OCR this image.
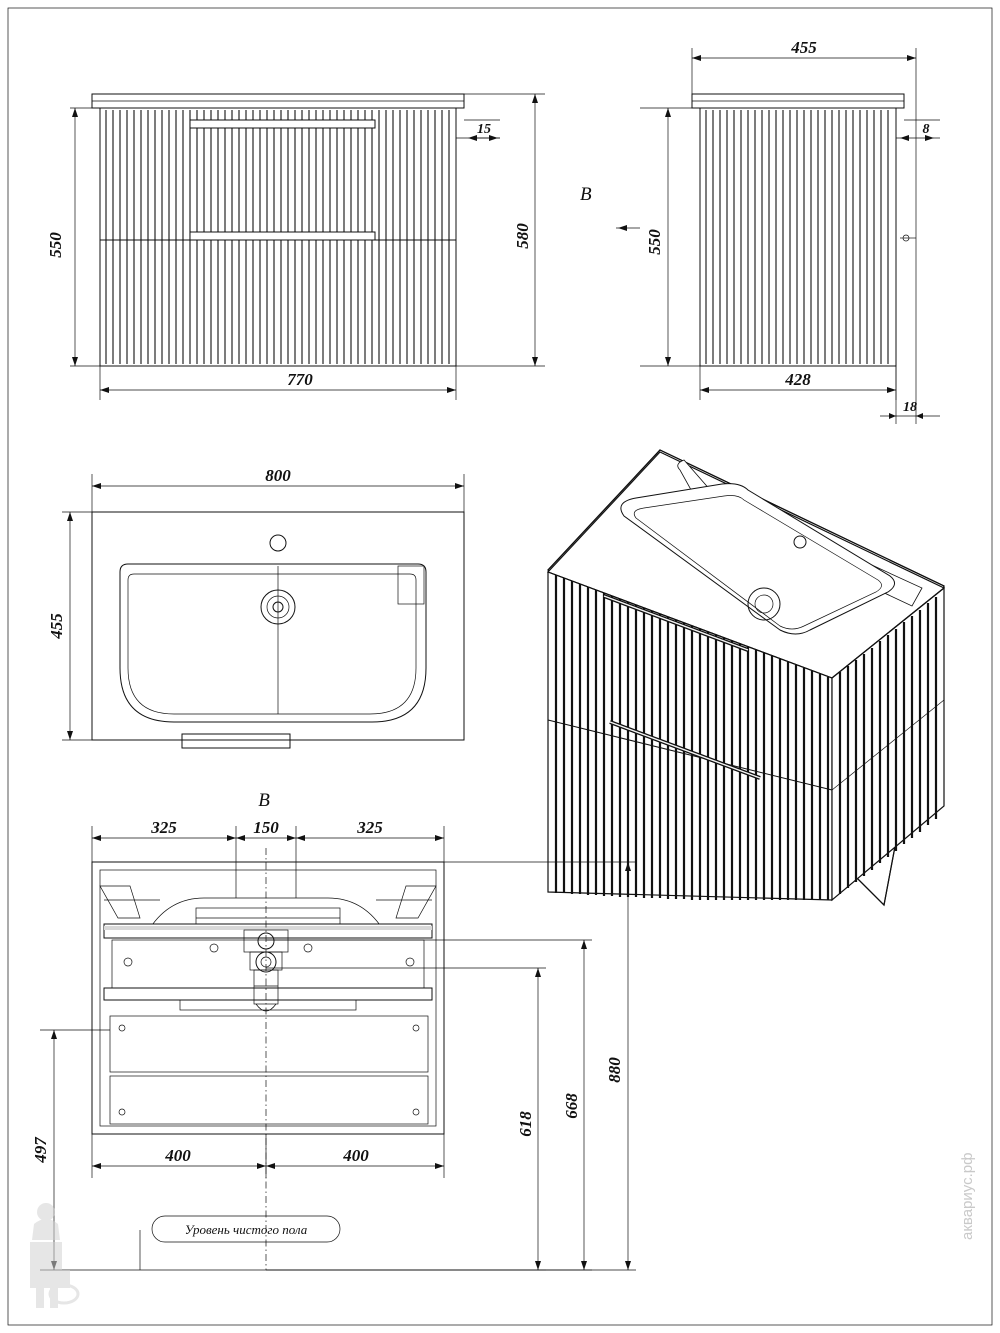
550	580
770
15
455
550
428
8
18
B
800
455
325	150	325
400	400
497
618
668
880
Уровень чистого пола
B
аквариус.рф
